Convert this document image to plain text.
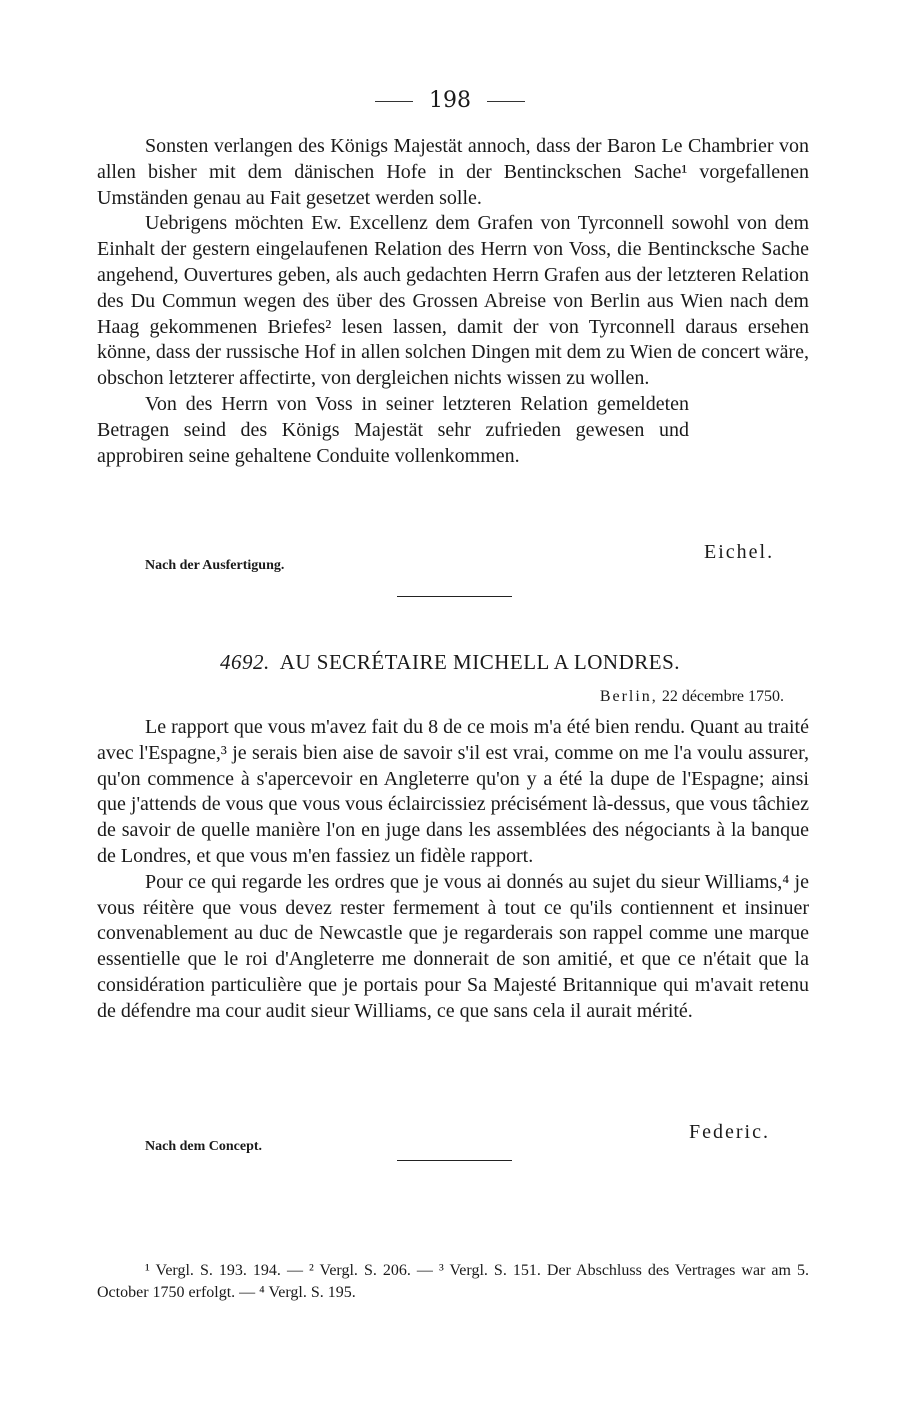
198

Sonsten verlangen des Königs Majestät annoch, dass der Baron Le Chambrier von allen bisher mit dem dänischen Hofe in der Bentinckschen Sache¹ vorgefallenen Umständen genau au Fait gesetzet werden solle.

Uebrigens möchten Ew. Excellenz dem Grafen von Tyrconnell sowohl von dem Einhalt der gestern eingelaufenen Relation des Herrn von Voss, die Bentincksche Sache angehend, Ouvertures geben, als auch gedachten Herrn Grafen aus der letzteren Relation des Du Commun wegen des über des Grossen Abreise von Berlin aus Wien nach dem Haag gekommenen Briefes² lesen lassen, damit der von Tyrconnell daraus ersehen könne, dass der russische Hof in allen solchen Dingen mit dem zu Wien de concert wäre, obschon letzterer affectirte, von dergleichen nichts wissen zu wollen.

Von des Herrn von Voss in seiner letzteren Relation gemeldeten Betragen seind des Königs Majestät sehr zufrieden gewesen und approbiren seine gehaltene Conduite vollenkommen.

Eichel.
Nach der Ausfertigung.
4692. AU SECRÉTAIRE MICHELL A LONDRES.
Berlin, 22 décembre 1750.

Le rapport que vous m'avez fait du 8 de ce mois m'a été bien rendu. Quant au traité avec l'Espagne,³ je serais bien aise de savoir s'il est vrai, comme on me l'a voulu assurer, qu'on commence à s'apercevoir en Angleterre qu'on y a été la dupe de l'Espagne; ainsi que j'attends de vous que vous vous éclaircissiez précisément là-dessus, que vous tâchiez de savoir de quelle manière l'on en juge dans les assemblées des négociants à la banque de Londres, et que vous m'en fassiez un fidèle rapport.

Pour ce qui regarde les ordres que je vous ai donnés au sujet du sieur Williams,⁴ je vous réitère que vous devez rester fermement à tout ce qu'ils contiennent et insinuer convenablement au duc de Newcastle que je regarderais son rappel comme une marque essentielle que le roi d'Angleterre me donnerait de son amitié, et que ce n'était que la considération particulière que je portais pour Sa Majesté Britannique qui m'avait retenu de défendre ma cour audit sieur Williams, ce que sans cela il aurait mérité.

Federic.
Nach dem Concept.

¹ Vergl. S. 193. 194. — ² Vergl. S. 206. — ³ Vergl. S. 151. Der Abschluss des Vertrages war am 5. October 1750 erfolgt. — ⁴ Vergl. S. 195.
